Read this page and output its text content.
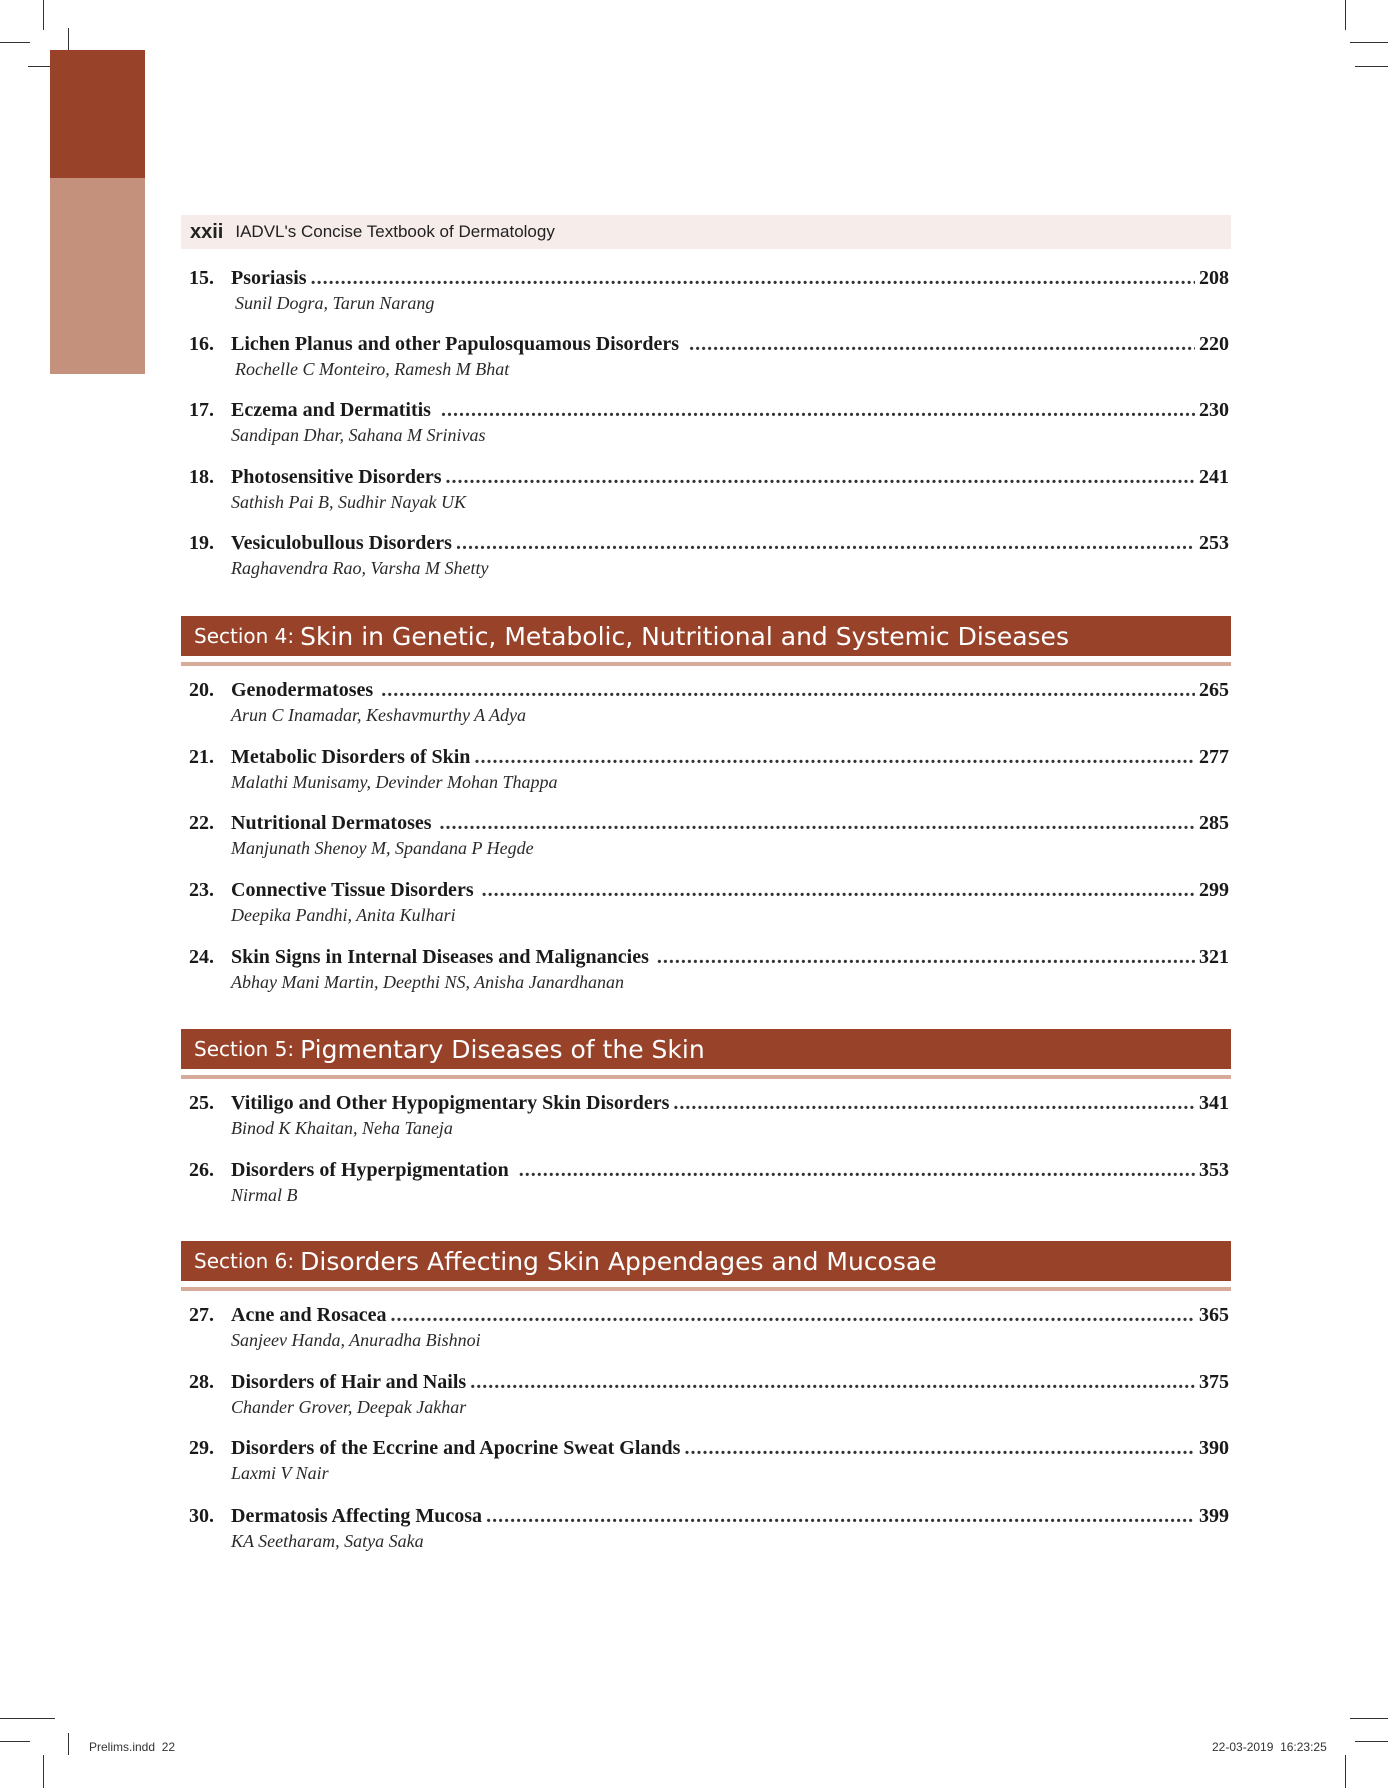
xxii IADVL's Concise Textbook of Dermatology
15. Psoriasis .....	208
Sunil Dogra, Tarun Narang
16. Lichen Planus and other Papulosquamous Disorders .....	220
Rochelle C Monteiro, Ramesh M Bhat
17. Eczema and Dermatitis .....	230
Sandipan Dhar, Sahana M Srinivas
18. Photosensitive Disorders .....	241
Sathish Pai B, Sudhir Nayak UK
19. Vesiculobullous Disorders .....	253
Raghavendra Rao, Varsha M Shetty
Section 4: Skin in Genetic, Metabolic, Nutritional and Systemic Diseases
20. Genodermatoses .....	265
Arun C Inamadar, Keshavmurthy A Adya
21. Metabolic Disorders of Skin .....	277
Malathi Munisamy, Devinder Mohan Thappa
22. Nutritional Dermatoses .....	285
Manjunath Shenoy M, Spandana P Hegde
23. Connective Tissue Disorders .....	299
Deepika Pandhi, Anita Kulhari
24. Skin Signs in Internal Diseases and Malignancies .....	321
Abhay Mani Martin, Deepthi NS, Anisha Janardhanan
Section 5: Pigmentary Diseases of the Skin
25. Vitiligo and Other Hypopigmentary Skin Disorders .....	341
Binod K Khaitan, Neha Taneja
26. Disorders of Hyperpigmentation .....	353
Nirmal B
Section 6: Disorders Affecting Skin Appendages and Mucosae
27. Acne and Rosacea .....	365
Sanjeev Handa, Anuradha Bishnoi
28. Disorders of Hair and Nails .....	375
Chander Grover, Deepak Jakhar
29. Disorders of the Eccrine and Apocrine Sweat Glands .....	390
Laxmi V Nair
30. Dermatosis Affecting Mucosa .....	399
KA Seetharam, Satya Saka
Prelims.indd 22	22-03-2019 16:23:25
